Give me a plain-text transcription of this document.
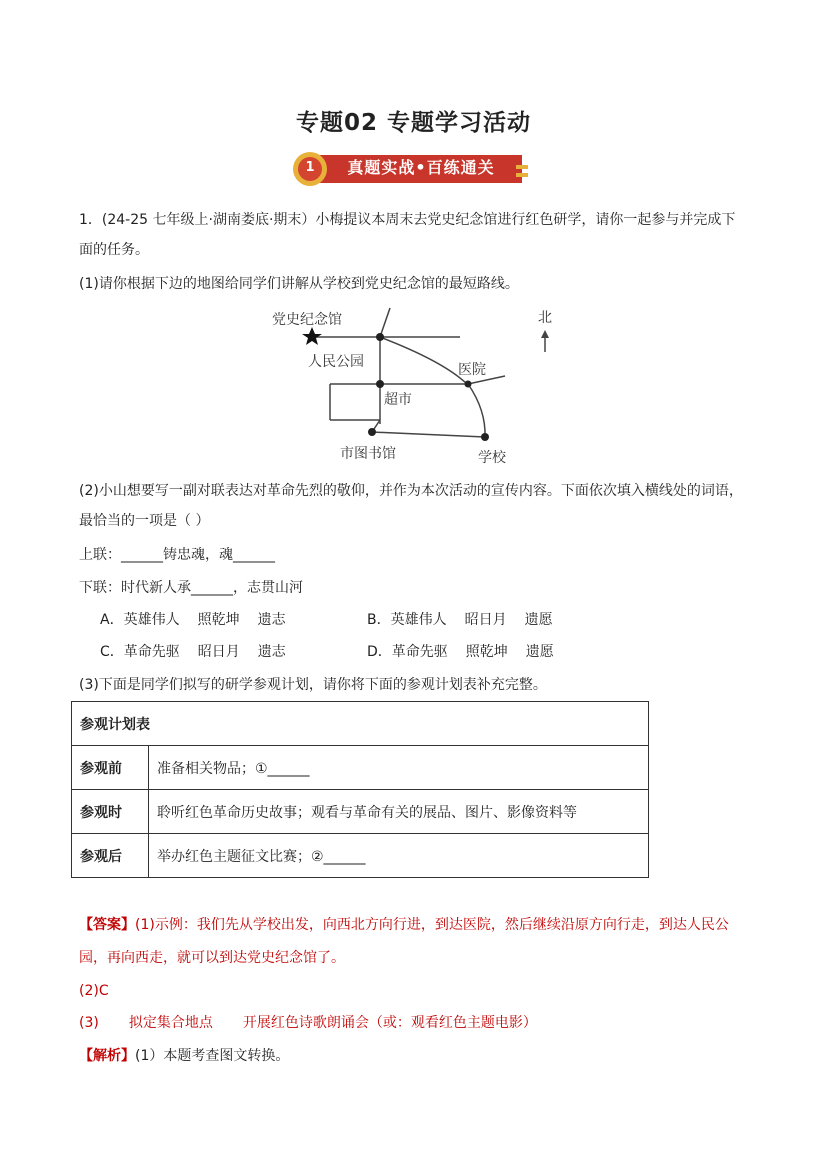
专题02 专题学习活动
1	真题实战•百练通关
1．(24-25 七年级上·湖南娄底·期末）小梅提议本周末去党史纪念馆进行红色研学，请你一起参与并完成下
面的任务。
(1)请你根据下边的地图给同学们讲解从学校到党史纪念馆的最短路线。
党史纪念馆
人民公园
超市
医院
市图书馆	学校
北
(2)小山想要写一副对联表达对革命先烈的敬仰，并作为本次活动的宣传内容。下面依次填入横线处的词语，
最恰当的一项是（ ）
上联：______铸忠魂，魂______
下联：时代新人承______，志贯山河
A．英雄伟人 照乾坤 遗志	B．英雄伟人 昭日月 遗愿
C．革命先驱 昭日月 遗志	D．革命先驱 照乾坤 遗愿
(3)下面是同学们拟写的研学参观计划，请你将下面的参观计划表补充完整。
参观计划表	
参观前	准备相关物品；①______
参观时	聆听红色革命历史故事；观看与革命有关的展品、图片、影像资料等
参观后	举办红色主题征文比赛；②______
【答案】(1)示例：我们先从学校出发，向西北方向行进，到达医院，然后继续沿原方向行走，到达人民公
园，再向西走，就可以到达党史纪念馆了。
(2)C
(3) 拟定集合地点 开展红色诗歌朗诵会（或：观看红色主题电影）
【解析】(1）本题考查图文转换。
